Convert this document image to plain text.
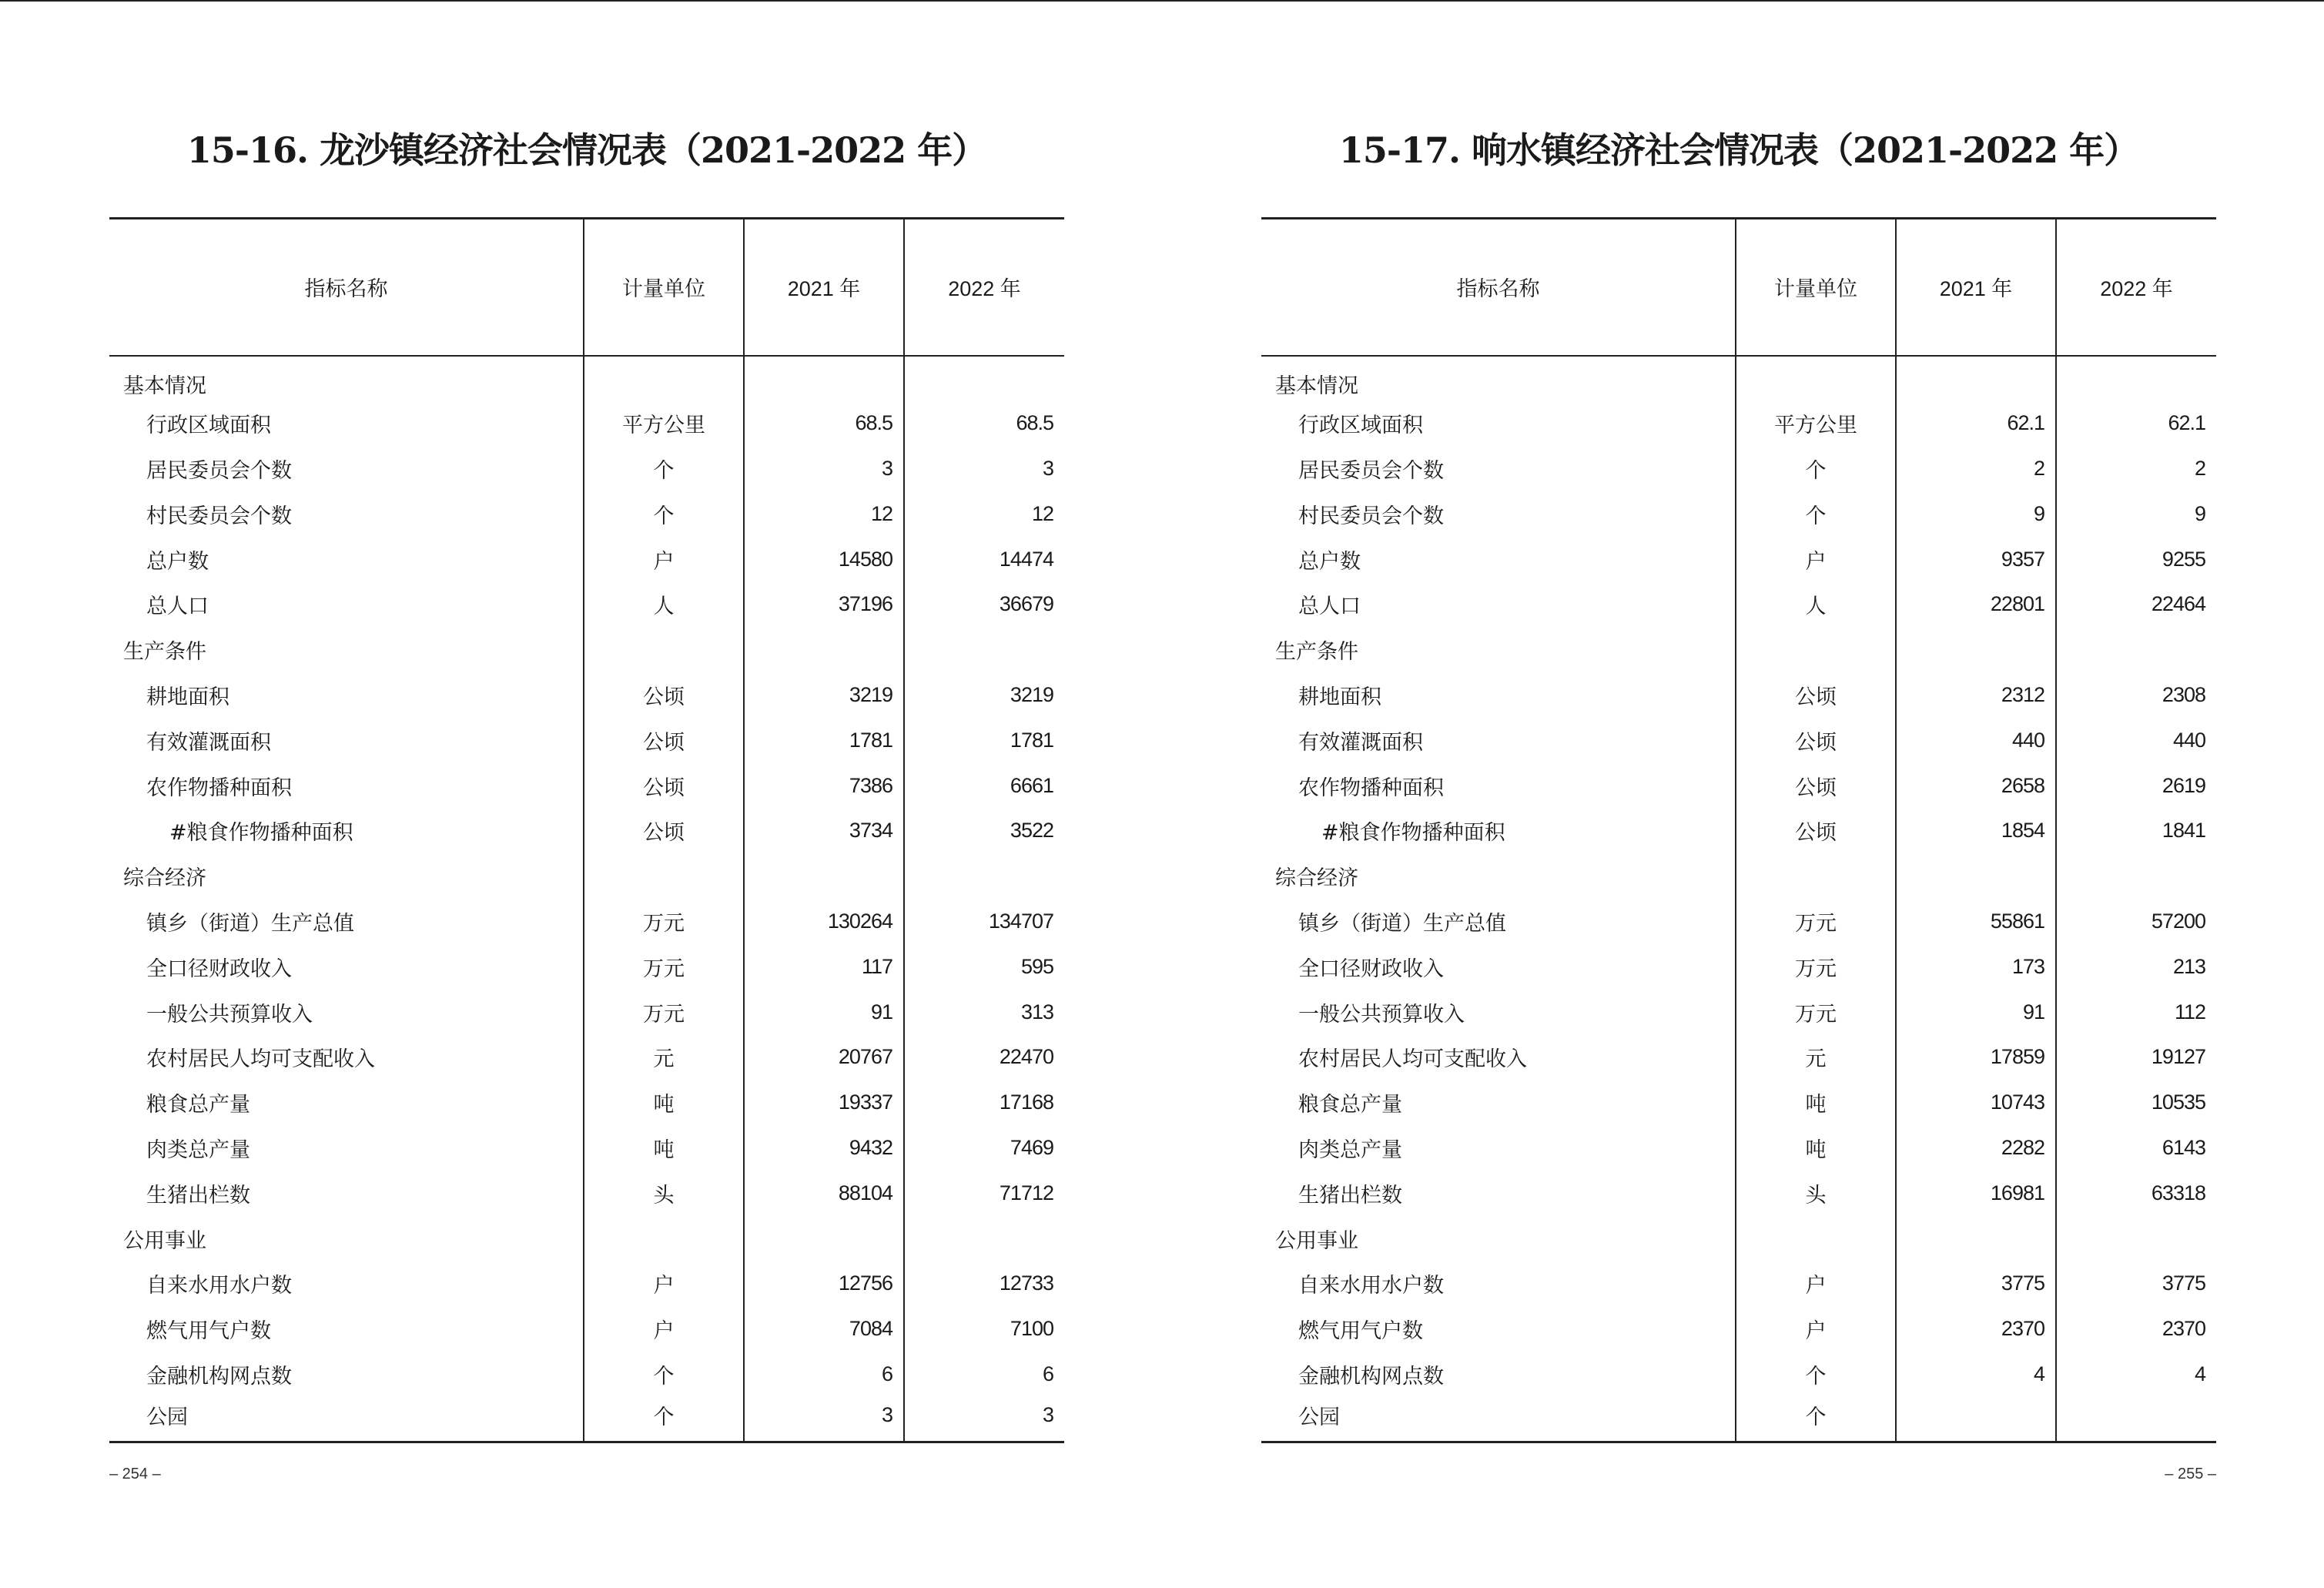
15-16. 龙沙镇经济社会情况表（2021-2022 年）
指标名称	计量单位	2021 年	2022 年
基本情况			
行政区域面积	平方公里	68.5	68.5
居民委员会个数	个	3	3
村民委员会个数	个	12	12
总户数	户	14580	14474
总人口	人	37196	36679
生产条件			
耕地面积	公顷	3219	3219
有效灌溉面积	公顷	1781	1781
农作物播种面积	公顷	7386	6661
#粮食作物播种面积	公顷	3734	3522
综合经济			
镇乡（街道）生产总值	万元	130264	134707
全口径财政收入	万元	117	595
一般公共预算收入	万元	91	313
农村居民人均可支配收入	元	20767	22470
粮食总产量	吨	19337	17168
肉类总产量	吨	9432	7469
生猪出栏数	头	88104	71712
公用事业			
自来水用水户数	户	12756	12733
燃气用气户数	户	7084	7100
金融机构网点数	个	6	6
公园	个	3	3
– 254 –
15-17. 响水镇经济社会情况表（2021-2022 年）
指标名称	计量单位	2021 年	2022 年
基本情况			
行政区域面积	平方公里	62.1	62.1
居民委员会个数	个	2	2
村民委员会个数	个	9	9
总户数	户	9357	9255
总人口	人	22801	22464
生产条件			
耕地面积	公顷	2312	2308
有效灌溉面积	公顷	440	440
农作物播种面积	公顷	2658	2619
#粮食作物播种面积	公顷	1854	1841
综合经济			
镇乡（街道）生产总值	万元	55861	57200
全口径财政收入	万元	173	213
一般公共预算收入	万元	91	112
农村居民人均可支配收入	元	17859	19127
粮食总产量	吨	10743	10535
肉类总产量	吨	2282	6143
生猪出栏数	头	16981	63318
公用事业			
自来水用水户数	户	3775	3775
燃气用气户数	户	2370	2370
金融机构网点数	个	4	4
公园	个		
– 255 –
